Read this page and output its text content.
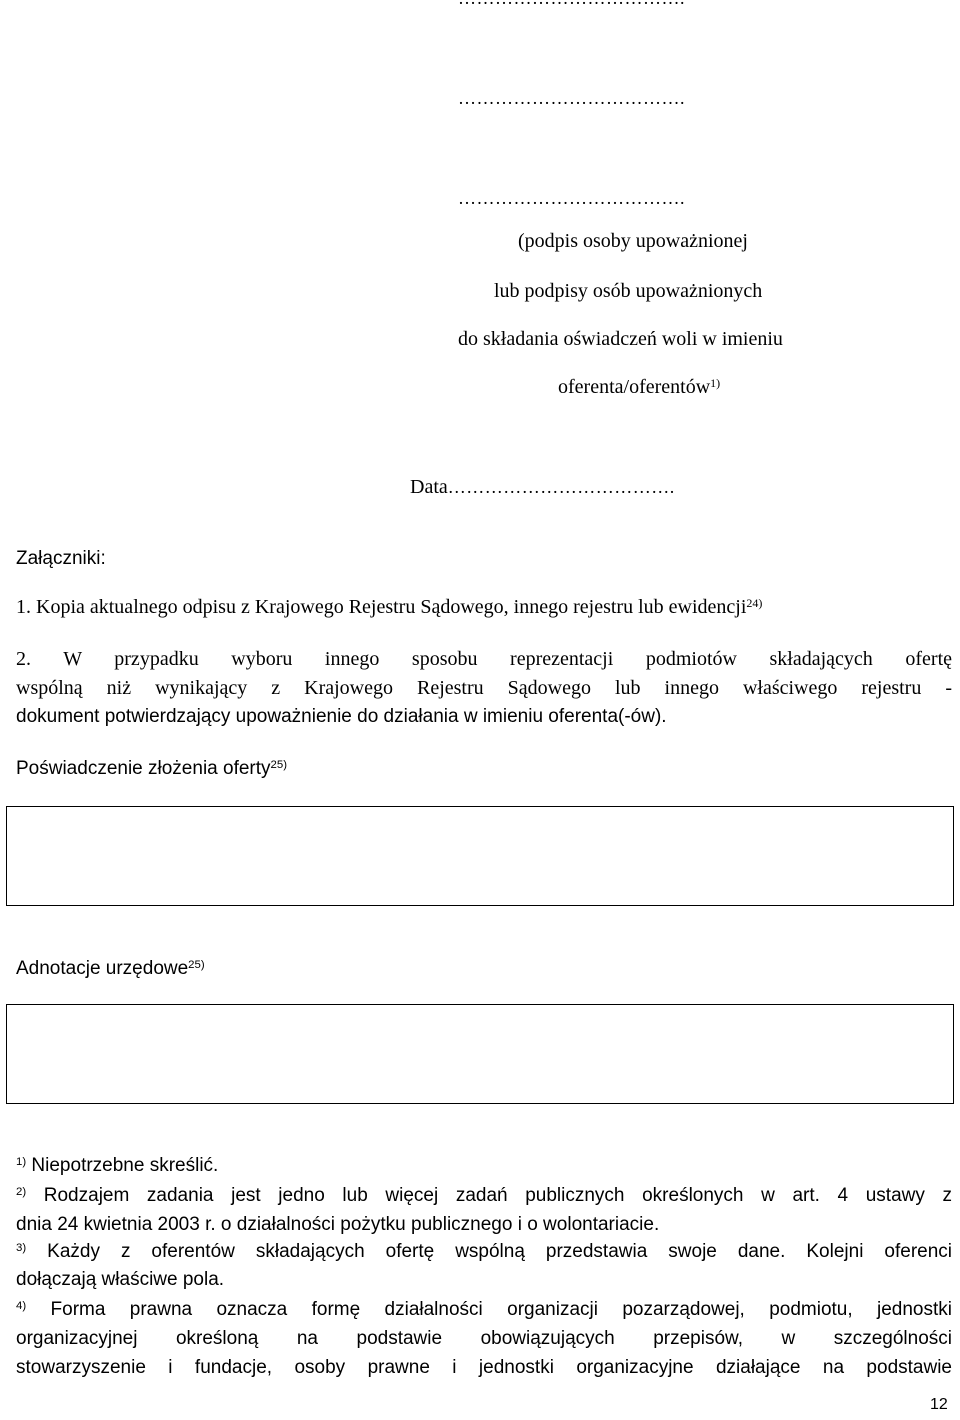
……………………………….
……………………………….
(podpis osoby upoważnionej
lub podpisy osób upoważnionych
do składania oświadczeń woli w imieniu
oferenta/oferentów$^{1)}$
Data……………………………….
Załączniki:
1. Kopia aktualnego odpisu z Krajowego Rejestru Sądowego, innego rejestru lub ewidencji$^{24)}$
2. W przypadku wyboru innego sposobu reprezentacji podmiotów składających ofertę
wspólną niż wynikający z Krajowego Rejestru Sądowego lub innego właściwego rejestru -
dokument potwierdzający upoważnienie do działania w imieniu oferenta(-ów).
Poświadczenie złożenia oferty$^{25)}$
Adnotacje urzędowe$^{25)}$
$^{1)}$ Niepotrzebne skreślić.
$^{2)}$ Rodzajem zadania jest jedno lub więcej zadań publicznych określonych w art. 4 ustawy z
dnia 24 kwietnia 2003 r. o działalności pożytku publicznego i o wolontariacie.
$^{3)}$ Każdy z oferentów składających ofertę wspólną przedstawia swoje dane. Kolejni oferenci
dołączają właściwe pola.
$^{4)}$ Forma prawna oznacza formę działalności organizacji pozarządowej, podmiotu, jednostki
organizacyjnej określoną na podstawie obowiązujących przepisów, w szczególności
stowarzyszenie i fundacje, osoby prawne i jednostki organizacyjne działające na podstawie
12
